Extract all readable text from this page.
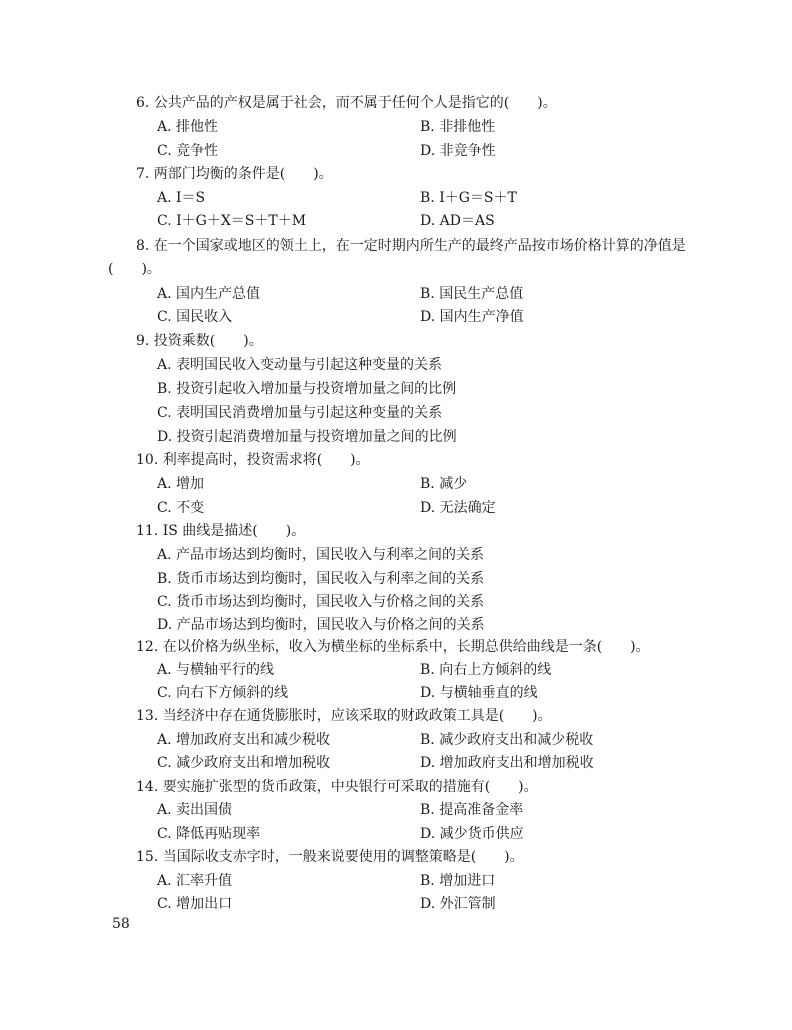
6. 公共产品的产权是属于社会，而不属于任何个人是指它的(　　)。
A. 排他性	B. 非排他性
C. 竞争性	D. 非竞争性
7. 两部门均衡的条件是(　　)。
A. I＝S	B. I＋G＝S＋T
C. I＋G＋X＝S＋T＋M	D. AD＝AS
8. 在一个国家或地区的领土上，在一定时期内所生产的最终产品按市场价格计算的净值是(　　)。
A. 国内生产总值	B. 国民生产总值
C. 国民收入	D. 国内生产净值
9. 投资乘数(　　)。
A. 表明国民收入变动量与引起这种变量的关系
B. 投资引起收入增加量与投资增加量之间的比例
C. 表明国民消费增加量与引起这种变量的关系
D. 投资引起消费增加量与投资增加量之间的比例
10. 利率提高时，投资需求将(　　)。
A. 增加	B. 减少
C. 不变	D. 无法确定
11. IS 曲线是描述(　　)。
A. 产品市场达到均衡时，国民收入与利率之间的关系
B. 货币市场达到均衡时，国民收入与利率之间的关系
C. 货币市场达到均衡时，国民收入与价格之间的关系
D. 产品市场达到均衡时，国民收入与价格之间的关系
12. 在以价格为纵坐标，收入为横坐标的坐标系中，长期总供给曲线是一条(　　)。
A. 与横轴平行的线	B. 向右上方倾斜的线
C. 向右下方倾斜的线	D. 与横轴垂直的线
13. 当经济中存在通货膨胀时，应该采取的财政政策工具是(　　)。
A. 增加政府支出和减少税收	B. 减少政府支出和减少税收
C. 减少政府支出和增加税收	D. 增加政府支出和增加税收
14. 要实施扩张型的货币政策，中央银行可采取的措施有(　　)。
A. 卖出国债	B. 提高准备金率
C. 降低再贴现率	D. 减少货币供应
15. 当国际收支赤字时，一般来说要使用的调整策略是(　　)。
A. 汇率升值	B. 增加进口
C. 增加出口	D. 外汇管制
58
